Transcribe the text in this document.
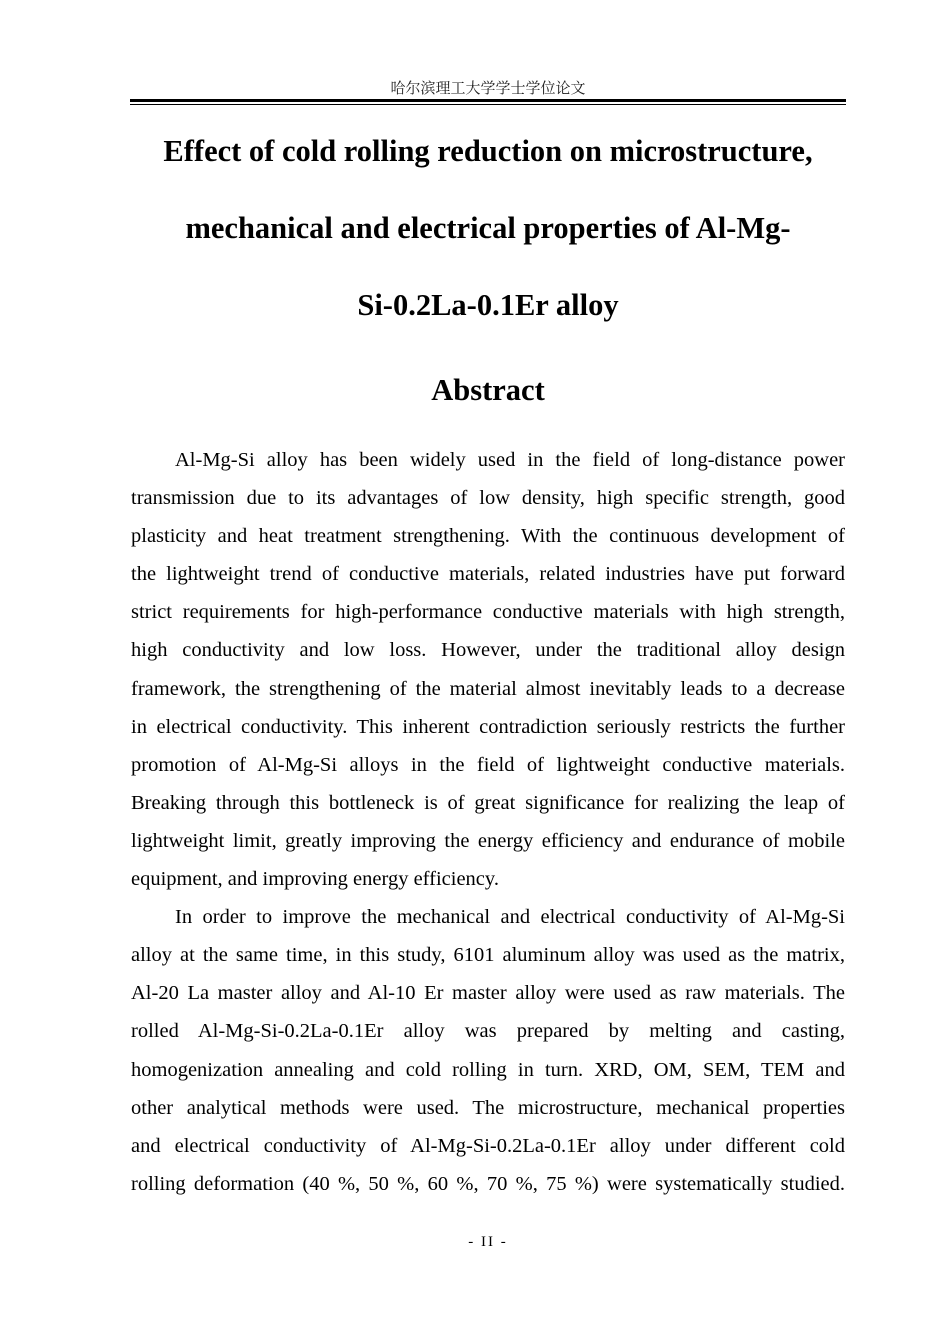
哈尔滨理工大学学士学位论文
Effect of cold rolling reduction on microstructure,
mechanical and electrical properties of Al-Mg-
Si-0.2La-0.1Er alloy
Abstract
Al-Mg-Si alloy has been widely used in the field of long-distance power
transmission due to its advantages of low density, high specific strength, good
plasticity and heat treatment strengthening. With the continuous development of
the lightweight trend of conductive materials, related industries have put forward
strict requirements for high-performance conductive materials with high strength,
high conductivity and low loss. However, under the traditional alloy design
framework, the strengthening of the material almost inevitably leads to a decrease
in electrical conductivity. This inherent contradiction seriously restricts the further
promotion of Al-Mg-Si alloys in the field of lightweight conductive materials.
Breaking through this bottleneck is of great significance for realizing the leap of
lightweight limit, greatly improving the energy efficiency and endurance of mobile
equipment, and improving energy efficiency.
In order to improve the mechanical and electrical conductivity of Al-Mg-Si
alloy at the same time, in this study, 6101 aluminum alloy was used as the matrix,
Al-20 La master alloy and Al-10 Er master alloy were used as raw materials. The
rolled Al-Mg-Si-0.2La-0.1Er alloy was prepared by melting and casting,
homogenization annealing and cold rolling in turn. XRD, OM, SEM, TEM and
other analytical methods were used. The microstructure, mechanical properties
and electrical conductivity of Al-Mg-Si-0.2La-0.1Er alloy under different cold
rolling deformation (40 %, 50 %, 60 %, 70 %, 75 %) were systematically studied.
- II -
